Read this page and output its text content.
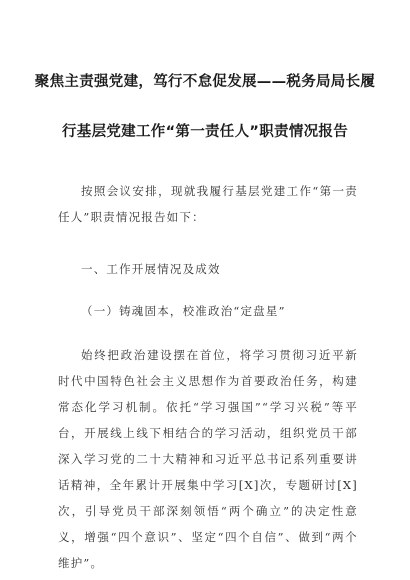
聚焦主责强党建，笃行不怠促发展——税务局局长履
行基层党建工作“第一责任人”职责情况报告

按照会议安排，现就我履行基层党建工作“第一责任人”职责情况报告如下：

一、工作开展情况及成效
（一）铸魂固本，校准政治“定盘星”

始终把政治建设摆在首位，将学习贯彻习近平新时代中国特色社会主义思想作为首要政治任务，构建常态化学习机制。依托“学习强国”“学习兴税”等平台，开展线上线下相结合的学习活动，组织党员干部深入学习党的二十大精神和习近平总书记系列重要讲话精神，全年累计开展集中学习[X]次，专题研讨[X]次，引导党员干部深刻领悟“两个确立”的决定性意义，增强“四个意识”、坚定“四个自信”、做到“两个维护”。
